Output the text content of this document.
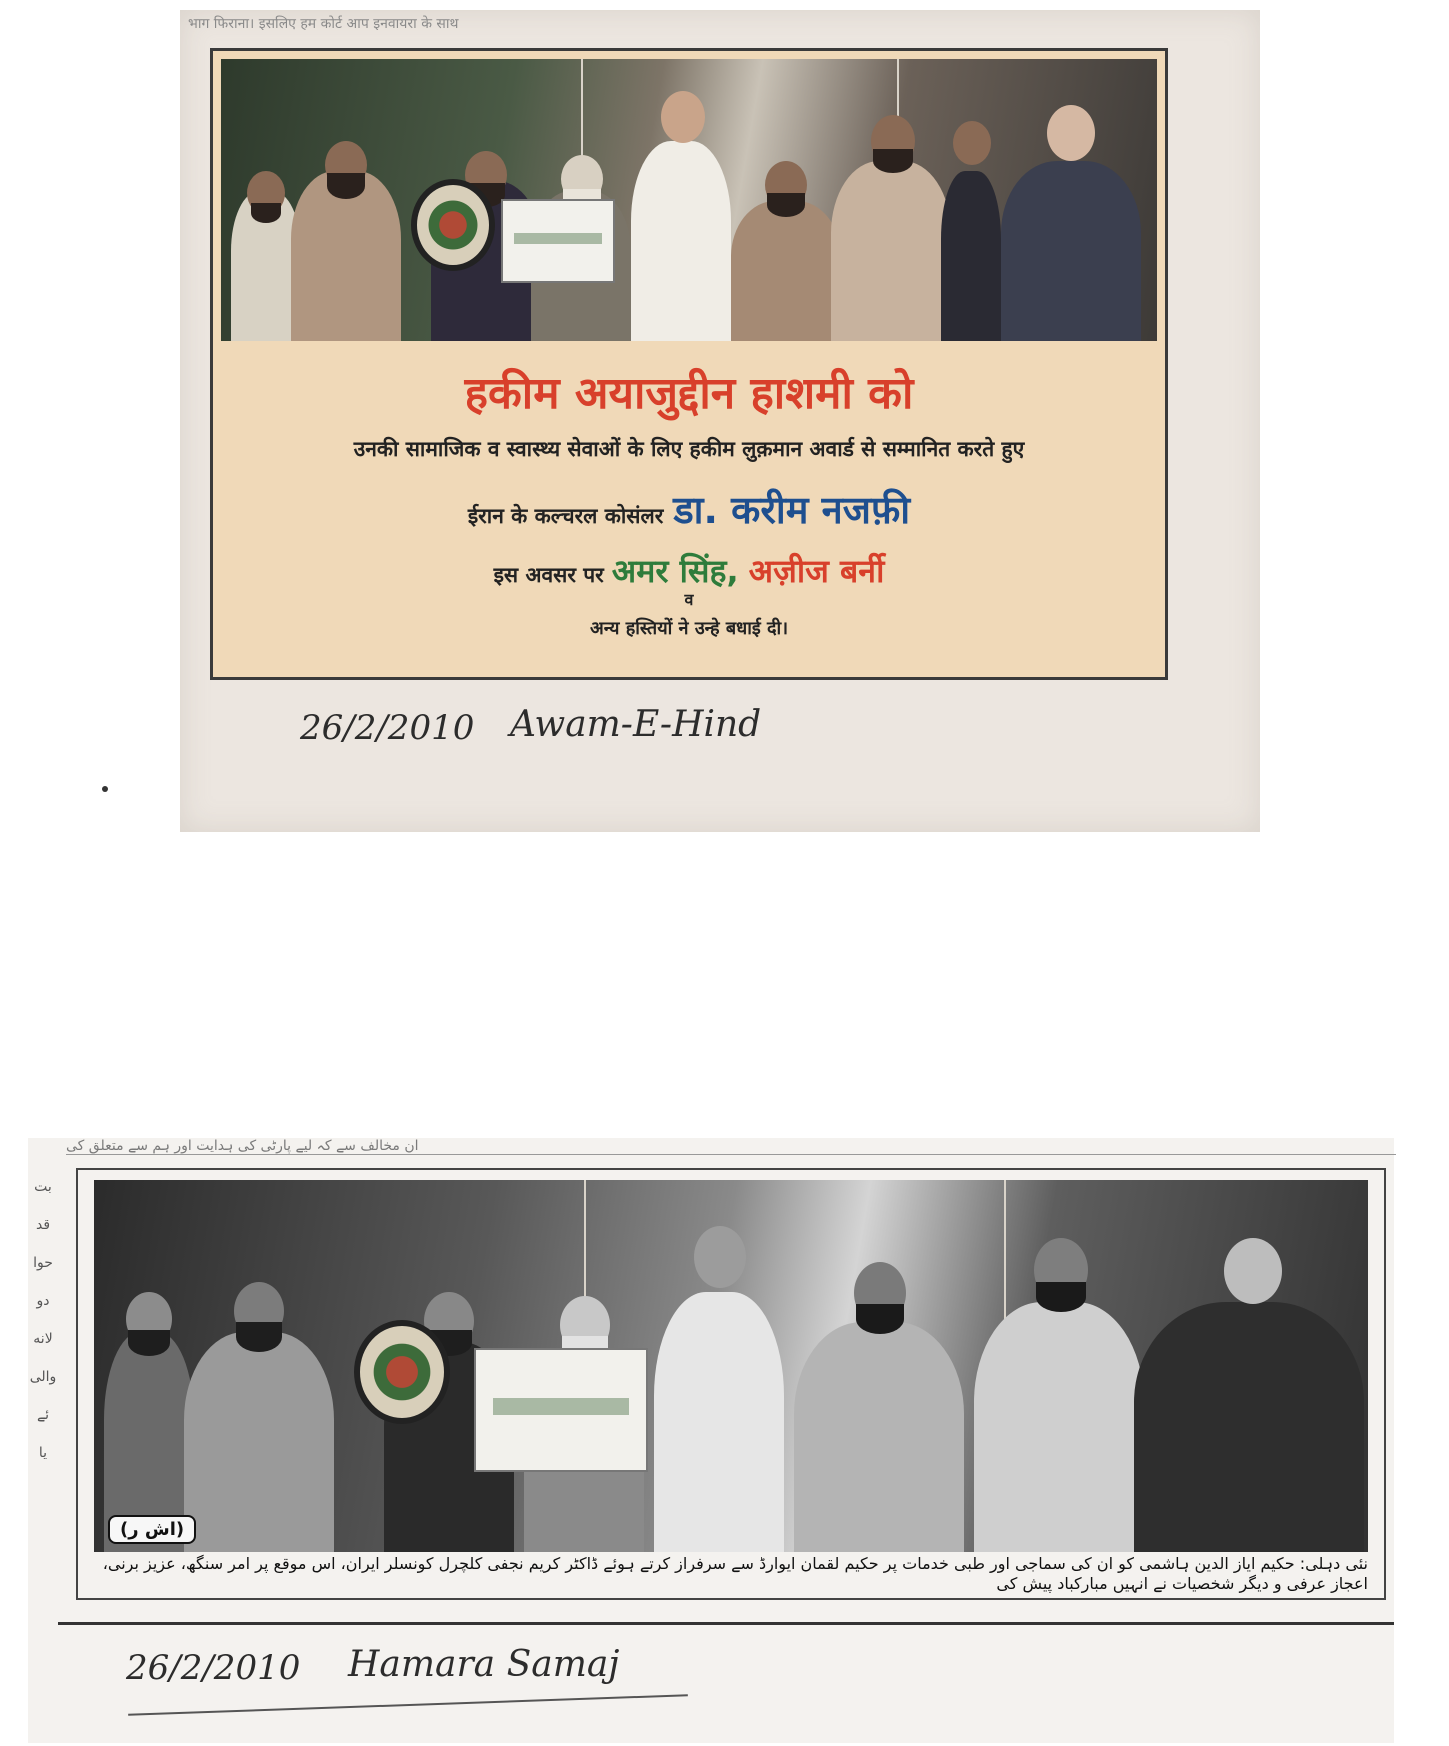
भाग फिराना। इसलिए हम कोर्ट आप इनवायरा के साथ
हकीम अयाजुद्दीन हाशमी को
उनकी सामाजिक व स्वास्थ्य सेवाओं के लिए हकीम लुक़मान अवार्ड से सम्मानित करते हुए
ईरान के कल्चरल कोसंलर डा. करीम नजफ़ी
इस अवसर पर अमर सिंह, अज़ीज बर्नी
व
अन्य हस्तियों ने उन्हे बधाई दी।
26/2/2010 Awam-E-Hind
ان مخالف سے کہ لیے پارٹی کی ہدایت اور ہم سے متعلق کی
بت
قد
حوا
دو
لانه
والی
ئے
یا
(اش ر)
نئی دہلی: حکیم ایاز الدین ہاشمی کو ان کی سماجی اور طبی خدمات پر حکیم لقمان ایوارڈ سے سرفراز کرتے ہوئے ڈاکٹر کریم نجفی کلچرل کونسلر ایران، اس موقع پر امر سنگھ، عزیز برنی، اعجاز عرفی و دیگر شخصیات نے انہیں مبارکباد پیش کی
26/2/2010 Hamara Samaj
